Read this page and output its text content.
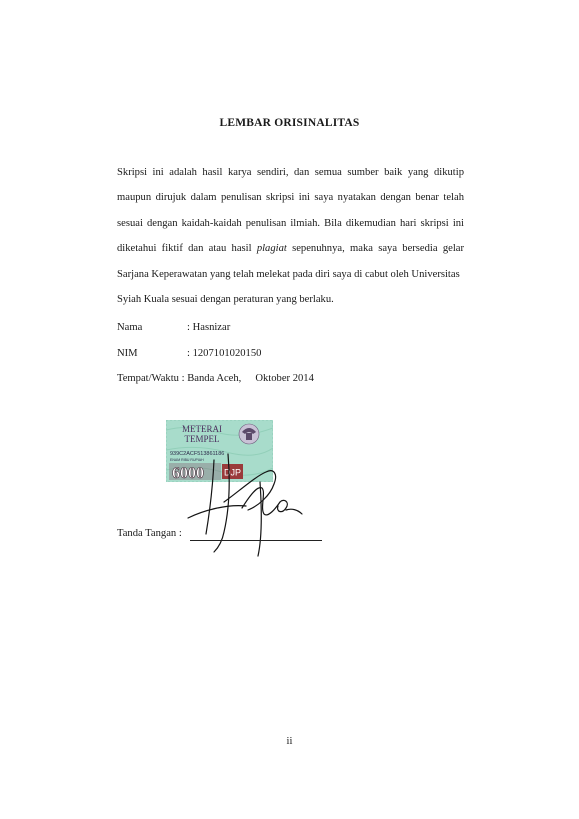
LEMBAR ORISINALITAS

Skripsi ini adalah hasil karya sendiri, dan semua sumber baik yang dikutip maupun dirujuk dalam penulisan skripsi ini saya nyatakan dengan benar telah sesuai dengan kaidah-kaidah penulisan ilmiah. Bila dikemudian hari skripsi ini diketahui fiktif dan atau hasil plagiat sepenuhnya, maka saya bersedia gelar Sarjana Keperawatan yang telah melekat pada diri saya di cabut oleh Universitas

Syiah Kuala sesuai dengan peraturan yang berlaku.

Nama	: Hasnizar
NIM	: 1207101020150
Tempat/Waktu : Banda Aceh, Oktober 2014
METERAI
TEMPEL
939C2ACF513861186
ENAM RIBU RUPIAH
6000 DJP
Tanda Tangan :
ii
